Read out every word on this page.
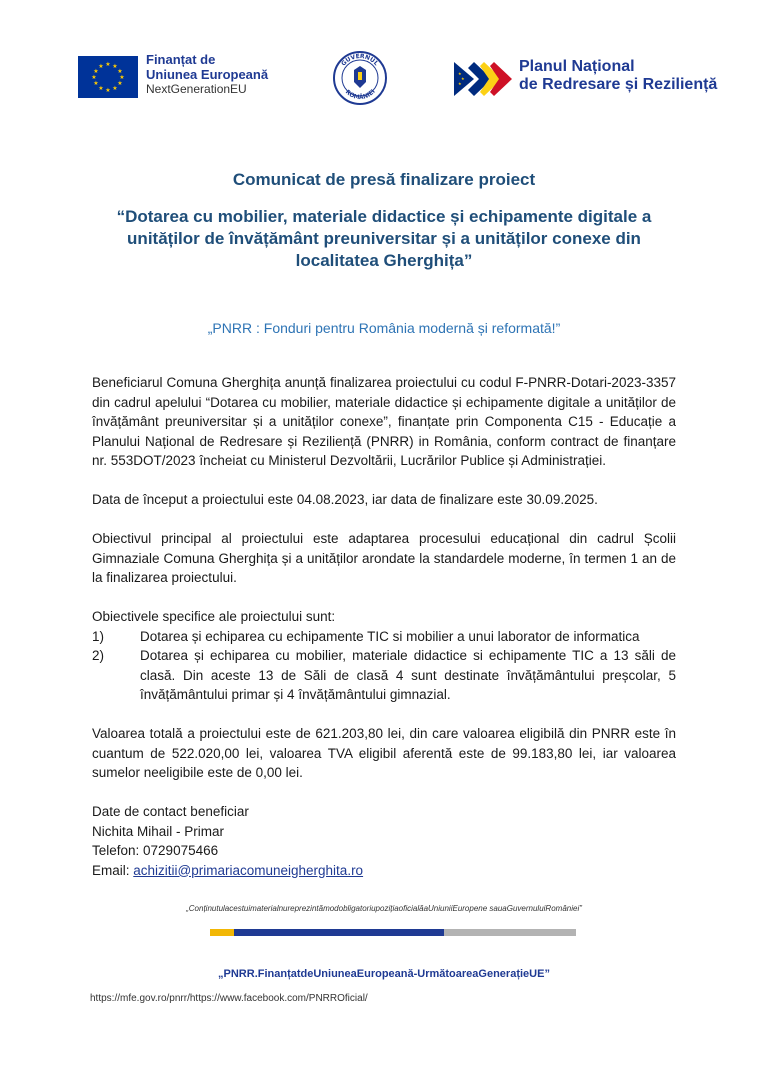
★ ★
★
★
★
★
★
★
★
★
★
★	Finanțat de
Uniunea Europeană
NextGenerationEU
GUVERNUL
ROMÂNIEI
★
★
★
Planul Național
de Redresare și Reziliență
Comunicat de presă finalizare proiect
“Dotarea cu mobilier, materiale didactice și echipamente digitale a unităților de învățământ preuniversitar și a unităților conexe din localitatea Gherghița”
„PNRR : Fonduri pentru România modernă și reformată!”

Beneficiarul Comuna Gherghița anunță finalizarea proiectului cu codul F-PNRR-Dotari-2023-3357 din cadrul apelului “Dotarea cu mobilier, materiale didactice și echipamente digitale a unităților de învățământ preuniversitar și a unităților conexe”, finanțate prin Componenta C15 - Educație a Planului Național de Redresare și Reziliență (PNRR) in România, conform contract de finanțare nr. 553DOT/2023 încheiat cu Ministerul Dezvoltării, Lucrărilor Publice și Administrației.

Data de început a proiectului este 04.08.2023, iar data de finalizare este 30.09.2025.

Obiectivul principal al proiectului este adaptarea procesului educațional din cadrul Școlii Gimnaziale Comuna Gherghița și a unităților arondate la standardele moderne, în termen 1 an de la finalizarea proiectului.

Obiectivele specifice ale proiectului sunt:
1)	Dotarea și echiparea cu echipamente TIC si mobilier a unui laborator de informatica
2)	Dotarea și echiparea cu mobilier, materiale didactice si echipamente TIC a 13 săli de clasă. Din aceste 13 de Săli de clasă 4 sunt destinate învățământului preșcolar, 5 învățământului primar și 4 învățământului gimnazial.

Valoarea totală a proiectului este de 621.203,80 lei, din care valoarea eligibilă din PNRR este în cuantum de 522.020,00 lei, valoarea TVA eligibil aferentă este de 99.183,80 lei, iar valoarea sumelor neeligibile este de 0,00 lei.

Date de contact beneficiar

Nichita Mihail - Primar

Telefon: 0729075466

Email: achizitii@primariacomuneigherghita.ro

„ConținutulacestuimaterialnureprezintămodobligatoriupozițiaoficialăaUniuniiEuropene sauaGuvernuluiRomâniei”
„PNRR.FinanțatdeUniuneaEuropeană-UrmătoareaGenerațieUE”
https://mfe.gov.ro/pnrr/https://www.facebook.com/PNRROficial/
